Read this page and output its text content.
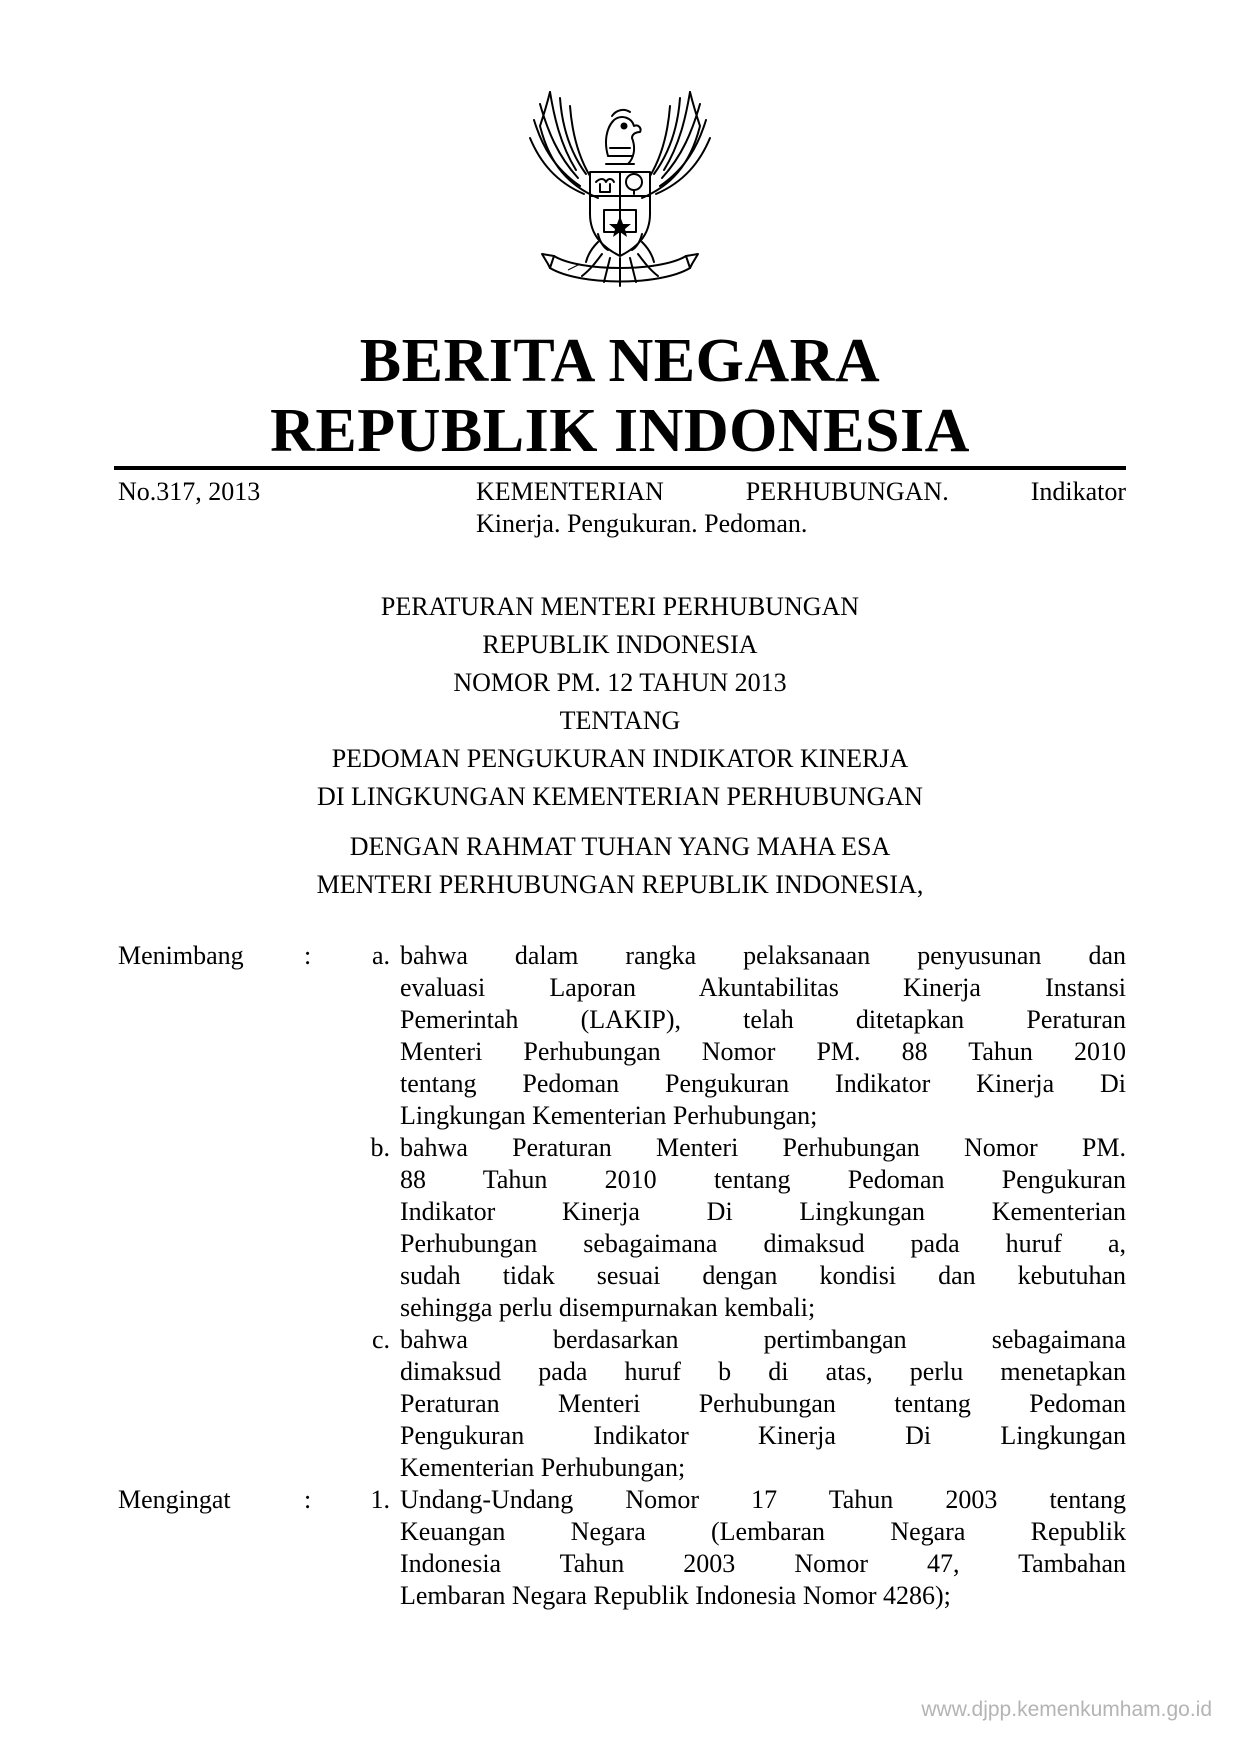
BERITA NEGARA
REPUBLIK INDONESIA
No.317, 2013	KEMENTERIAN PERHUBUNGAN. Indikator
Kinerja. Pengukuran. Pedoman.
PERATURAN MENTERI PERHUBUNGAN
REPUBLIK INDONESIA
NOMOR PM. 12 TAHUN 2013
TENTANG
PEDOMAN PENGUKURAN INDIKATOR KINERJA
DI LINGKUNGAN KEMENTERIAN PERHUBUNGAN
DENGAN RAHMAT TUHAN YANG MAHA ESA
MENTERI PERHUBUNGAN REPUBLIK INDONESIA,
Menimbang :	a. bahwa dalam rangka pelaksanaan penyusunan dan
evaluasi Laporan Akuntabilitas Kinerja Instansi
Pemerintah (LAKIP), telah ditetapkan Peraturan
Menteri Perhubungan Nomor PM. 88 Tahun 2010
tentang Pedoman Pengukuran Indikator Kinerja Di
Lingkungan Kementerian Perhubungan;
b. bahwa Peraturan Menteri Perhubungan Nomor PM.
88 Tahun 2010 tentang Pedoman Pengukuran
Indikator Kinerja Di Lingkungan Kementerian
Perhubungan sebagaimana dimaksud pada huruf a,
sudah tidak sesuai dengan kondisi dan kebutuhan
sehingga perlu disempurnakan kembali;
c. bahwa berdasarkan pertimbangan sebagaimana
dimaksud pada huruf b di atas, perlu menetapkan
Peraturan Menteri Perhubungan tentang Pedoman
Pengukuran Indikator Kinerja Di Lingkungan
Kementerian Perhubungan;
Mengingat	:	1. Undang-Undang Nomor 17 Tahun 2003 tentang
Keuangan Negara (Lembaran Negara Republik
Indonesia Tahun 2003 Nomor 47, Tambahan
Lembaran Negara Republik Indonesia Nomor 4286);
www.djpp.kemenkumham.go.id
